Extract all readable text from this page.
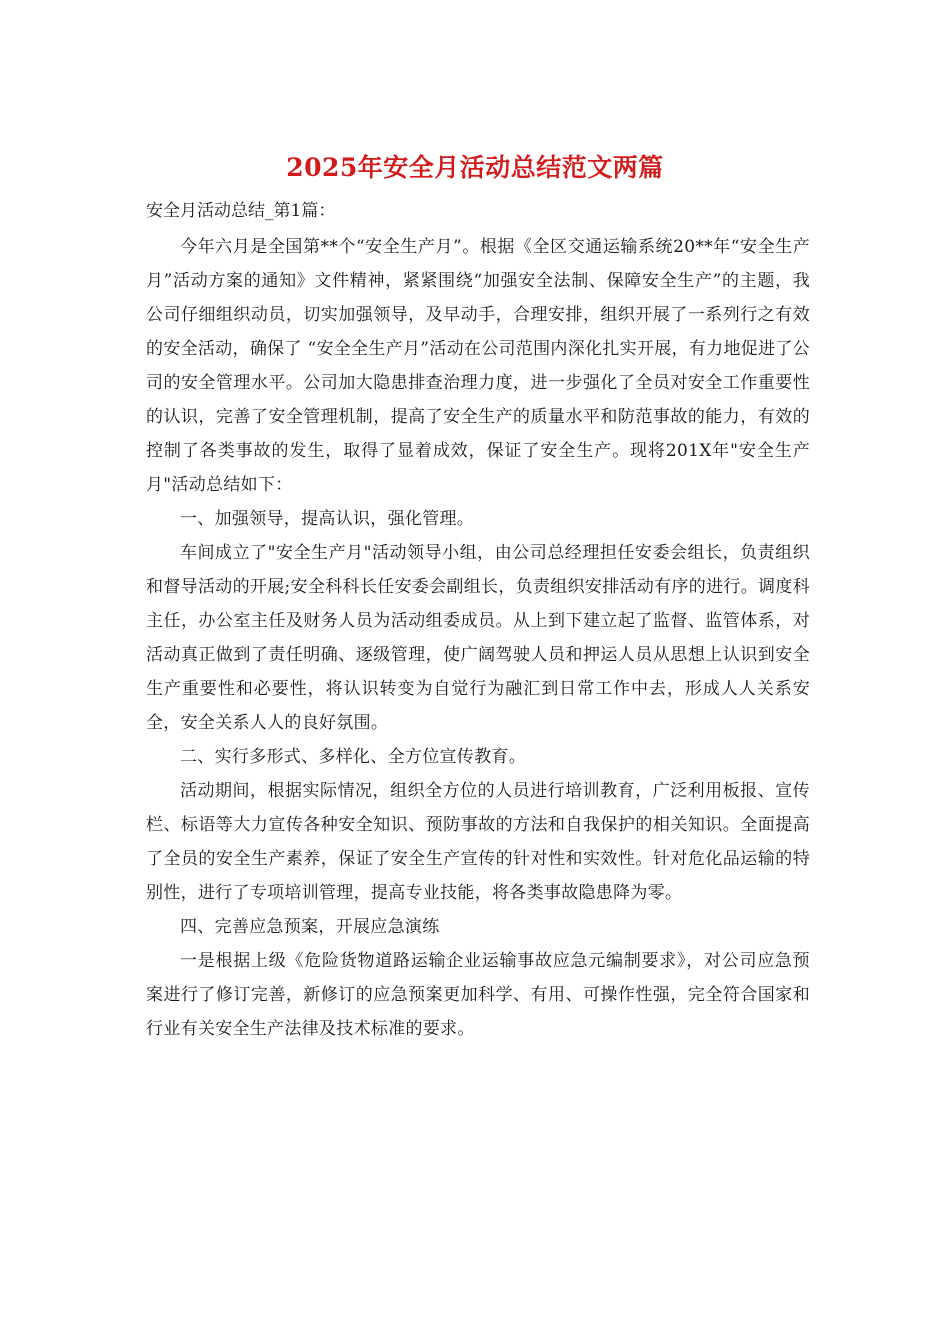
2025年安全月活动总结范文两篇

安全月活动总结_第1篇：

今年六月是全国第**个“安全生产月”。根据《全区交通运输系统20**年“安全生产月”活动方案的通知》文件精神，紧紧围绕“加强安全法制、保障安全生产”的主题，我公司仔细组织动员，切实加强领导，及早动手，合理安排，组织开展了一系列行之有效的安全活动，确保了 “安全全生产月”活动在公司范围内深化扎实开展，有力地促进了公司的安全管理水平。公司加大隐患排查治理力度，进一步强化了全员对安全工作重要性的认识，完善了安全管理机制，提高了安全生产的质量水平和防范事故的能力，有效的控制了各类事故的发生，取得了显着成效，保证了安全生产。现将201X年"安全生产月"活动总结如下：

一、加强领导，提高认识，强化管理。

车间成立了"安全生产月"活动领导小组，由公司总经理担任安委会组长，负责组织和督导活动的开展;安全科科长任安委会副组长，负责组织安排活动有序的进行。调度科主任，办公室主任及财务人员为活动组委成员。从上到下建立起了监督、监管体系，对活动真正做到了责任明确、逐级管理，使广阔驾驶人员和押运人员从思想上认识到安全生产重要性和必要性，将认识转变为自觉行为融汇到日常工作中去，形成人人关系安全，安全关系人人的良好氛围。

二、实行多形式、多样化、全方位宣传教育。

活动期间，根据实际情况，组织全方位的人员进行培训教育，广泛利用板报、宣传栏、标语等大力宣传各种安全知识、预防事故的方法和自我保护的相关知识。全面提高了全员的安全生产素养，保证了安全生产宣传的针对性和实效性。针对危化品运输的特别性，进行了专项培训管理，提高专业技能，将各类事故隐患降为零。

四、完善应急预案，开展应急演练

一是根据上级《危险货物道路运输企业运输事故应急元编制要求》，对公司应急预案进行了修订完善，新修订的应急预案更加科学、有用、可操作性强，完全符合国家和行业有关安全生产法律及技术标准的要求。
